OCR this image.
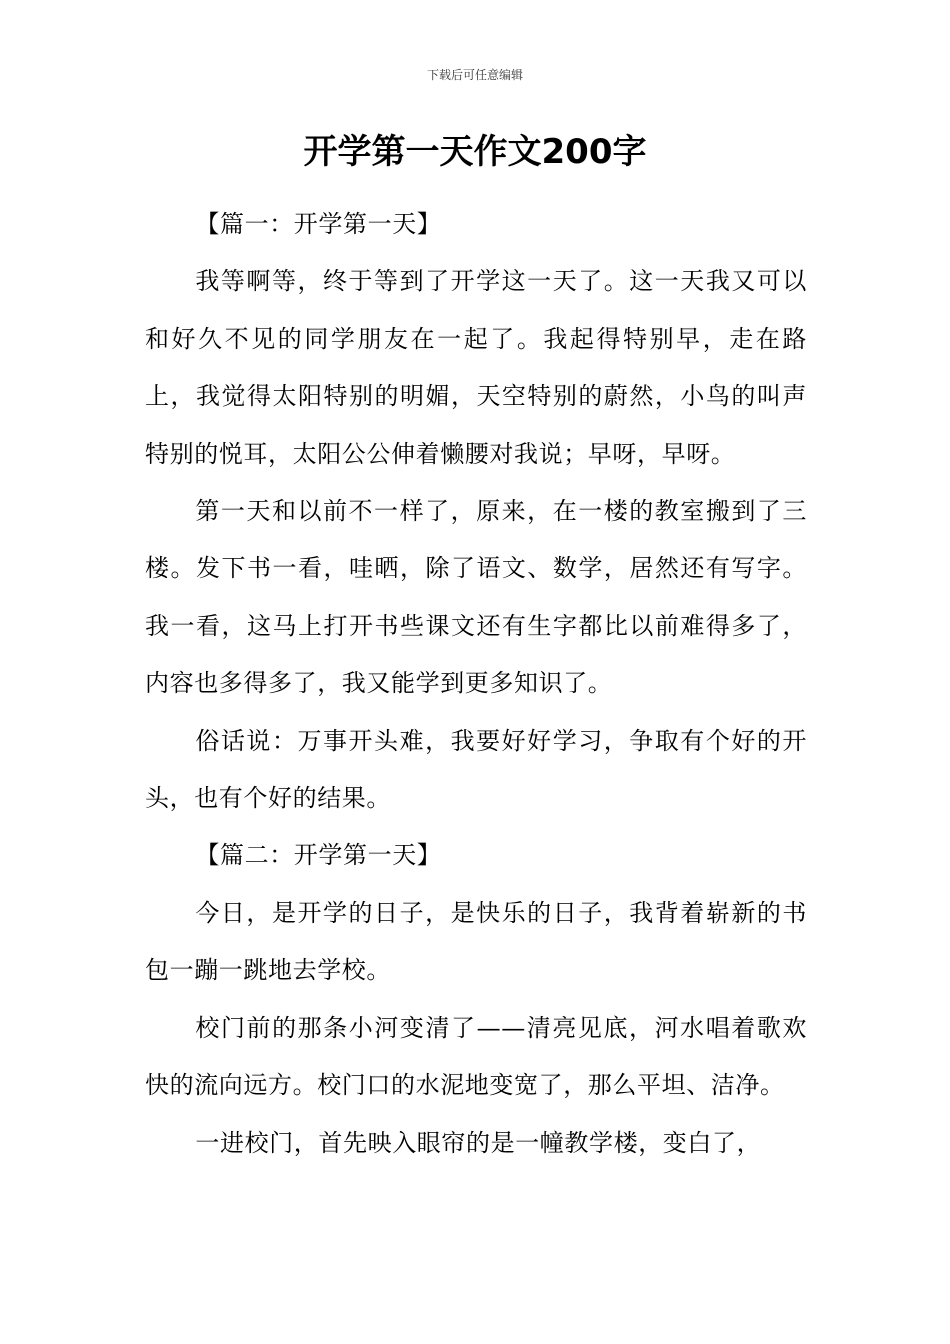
下载后可任意编辑
开学第一天作文200字

【篇一：开学第一天】

我等啊等，终于等到了开学这一天了。这一天我又可以和好久不见的同学朋友在一起了。我起得特别早，走在路上，我觉得太阳特别的明媚，天空特别的蔚然，小鸟的叫声特别的悦耳，太阳公公伸着懒腰对我说；早呀，早呀。

第一天和以前不一样了，原来，在一楼的教室搬到了三楼。发下书一看，哇晒，除了语文、数学，居然还有写字。我一看，这马上打开书些课文还有生字都比以前难得多了，内容也多得多了，我又能学到更多知识了。

俗话说：万事开头难，我要好好学习，争取有个好的开头，也有个好的结果。

【篇二：开学第一天】

今日，是开学的日子，是快乐的日子，我背着崭新的书包一蹦一跳地去学校。

校门前的那条小河变清了——清亮见底，河水唱着歌欢快的流向远方。校门口的水泥地变宽了，那么平坦、洁净。

一进校门，首先映入眼帘的是一幢教学楼，变白了，
